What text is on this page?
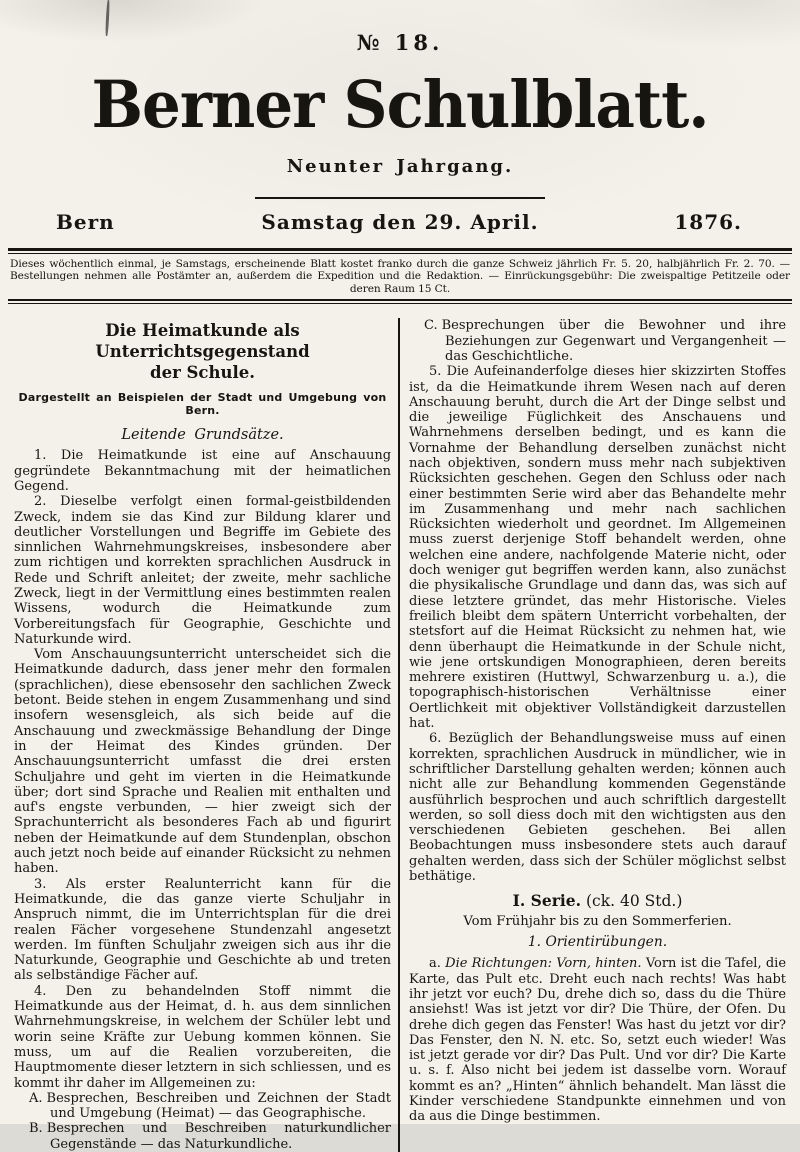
№ 18.
Berner Schulblatt.
Neunter Jahrgang.
Bern	Samstag den 29. April.	1876.
Dieses wöchentlich einmal, je Samstags, erscheinende Blatt kostet franko durch die ganze Schweiz jährlich Fr. 5. 20, halbjährlich Fr. 2. 70. — Bestellungen nehmen alle Postämter an, außerdem die Expedition und die Redaktion. — Einrückungsgebühr: Die zweispaltige Petitzeile oder deren Raum 15 Ct.
Die Heimatkunde als Unterrichtsgegenstand
der Schule.
Dargestellt an Beispielen der Stadt und Umgebung von Bern.
Leitende Grundsätze.

1. Die Heimatkunde ist eine auf Anschauung gegründete Bekanntmachung mit der heimatlichen Gegend.

2. Dieselbe verfolgt einen formal-geistbildenden Zweck, indem sie das Kind zur Bildung klarer und deutlicher Vorstellungen und Begriffe im Gebiete des sinnlichen Wahrnehmungskreises, insbesondere aber zum richtigen und korrekten sprachlichen Ausdruck in Rede und Schrift anleitet; der zweite, mehr sachliche Zweck, liegt in der Vermittlung eines bestimmten realen Wissens, wodurch die Heimatkunde zum Vorbereitungsfach für Geographie, Geschichte und Naturkunde wird.

Vom Anschauungsunterricht unterscheidet sich die Heimatkunde dadurch, dass jener mehr den formalen (sprachlichen), diese ebensosehr den sachlichen Zweck betont. Beide stehen in engem Zusammenhang und sind insofern wesensgleich, als sich beide auf die Anschauung und zweckmässige Behandlung der Dinge in der Heimat des Kindes gründen. Der Anschauungsunterricht umfasst die drei ersten Schuljahre und geht im vierten in die Heimatkunde über; dort sind Sprache und Realien mit enthalten und auf's engste verbunden, — hier zweigt sich der Sprachunterricht als besonderes Fach ab und figurirt neben der Heimatkunde auf dem Stundenplan, obschon auch jetzt noch beide auf einander Rücksicht zu nehmen haben.

3. Als erster Realunterricht kann für die Heimatkunde, die das ganze vierte Schuljahr in Anspruch nimmt, die im Unterrichtsplan für die drei realen Fächer vorgesehene Stundenzahl angesetzt werden. Im fünften Schuljahr zweigen sich aus ihr die Naturkunde, Geographie und Geschichte ab und treten als selbständige Fächer auf.

4. Den zu behandelnden Stoff nimmt die Heimatkunde aus der Heimat, d. h. aus dem sinnlichen Wahrnehmungskreise, in welchem der Schüler lebt und worin seine Kräfte zur Uebung kommen können. Sie muss, um auf die Realien vorzubereiten, die Hauptmomente dieser letztern in sich schliessen, und es kommt ihr daher im Allgemeinen zu:

A. Besprechen, Beschreiben und Zeichnen der Stadt und Umgebung (Heimat) — das Geographische.

B. Besprechen und Beschreiben naturkundlicher Gegenstände — das Naturkundliche.

C. Besprechungen über die Bewohner und ihre Beziehungen zur Gegenwart und Vergangenheit — das Geschichtliche.

5. Die Aufeinanderfolge dieses hier skizzirten Stoffes ist, da die Heimatkunde ihrem Wesen nach auf deren Anschauung beruht, durch die Art der Dinge selbst und die jeweilige Füglichkeit des Anschauens und Wahrnehmens derselben bedingt, und es kann die Vornahme der Behandlung derselben zunächst nicht nach objektiven, sondern muss mehr nach subjektiven Rücksichten geschehen. Gegen den Schluss oder nach einer bestimmten Serie wird aber das Behandelte mehr im Zusammenhang und mehr nach sachlichen Rücksichten wiederholt und geordnet. Im Allgemeinen muss zuerst derjenige Stoff behandelt werden, ohne welchen eine andere, nachfolgende Materie nicht, oder doch weniger gut begriffen werden kann, also zunächst die physikalische Grundlage und dann das, was sich auf diese letztere gründet, das mehr Historische. Vieles freilich bleibt dem spätern Unterricht vorbehalten, der stetsfort auf die Heimat Rücksicht zu nehmen hat, wie denn überhaupt die Heimatkunde in der Schule nicht, wie jene ortskundigen Monographieen, deren bereits mehrere existiren (Huttwyl, Schwarzenburg u. a.), die topographisch-historischen Verhältnisse einer Oertlichkeit mit objektiver Vollständigkeit darzustellen hat.

6. Bezüglich der Behandlungsweise muss auf einen korrekten, sprachlichen Ausdruck in mündlicher, wie in schriftlicher Darstellung gehalten werden; können auch nicht alle zur Behandlung kommenden Gegenstände ausführlich besprochen und auch schriftlich dargestellt werden, so soll diess doch mit den wichtigsten aus den verschiedenen Gebieten geschehen. Bei allen Beobachtungen muss insbesondere stets auch darauf gehalten werden, dass sich der Schüler möglichst selbst bethätige.

I. Serie. (ck. 40 Std.)
Vom Frühjahr bis zu den Sommerferien.
1. Orientirübungen.

a. Die Richtungen: Vorn, hinten. Vorn ist die Tafel, die Karte, das Pult etc. Dreht euch nach rechts! Was habt ihr jetzt vor euch? Du, drehe dich so, dass du die Thüre ansiehst! Was ist jetzt vor dir? Die Thüre, der Ofen. Du drehe dich gegen das Fenster! Was hast du jetzt vor dir? Das Fenster, den N. N. etc. So, setzt euch wieder! Was ist jetzt gerade vor dir? Das Pult. Und vor dir? Die Karte u. s. f. Also nicht bei jedem ist dasselbe vorn. Worauf kommt es an? „Hinten“ ähnlich behandelt. Man lässt die Kinder verschiedene Standpunkte einnehmen und von da aus die Dinge bestimmen.
